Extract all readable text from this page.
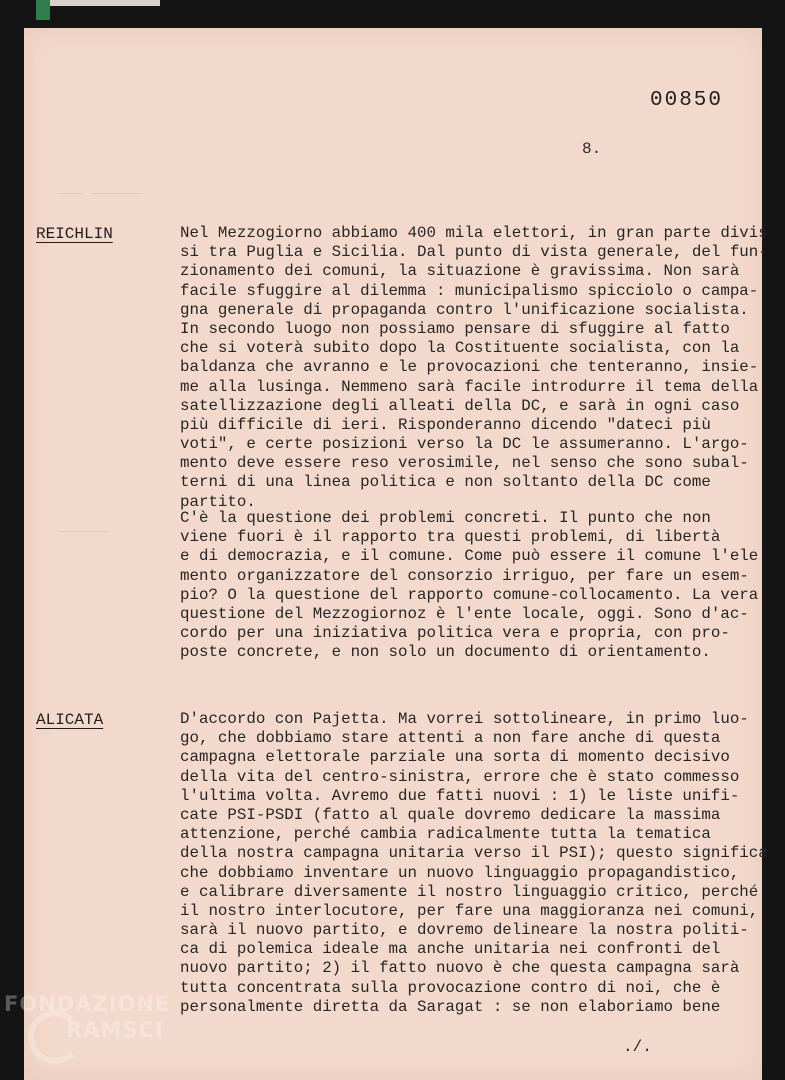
——— ——————
——————
00850
8.
REICHLIN	Nel Mezzogiorno abbiamo 400 mila elettori, in gran parte divis
si tra Puglia e Sicilia. Dal punto di vista generale, del fun-
zionamento dei comuni, la situazione è gravissima. Non sarà
facile sfuggire al dilemma : municipalismo spicciolo o campa-
gna generale di propaganda contro l'unificazione socialista.
In secondo luogo non possiamo pensare di sfuggire al fatto
che si voterà subito dopo la Costituente socialista, con la
baldanza che avranno e le provocazioni che tenteranno, insie-
me alla lusinga. Nemmeno sarà facile introdurre il tema della
satellizzazione degli alleati della DC, e sarà in ogni caso
più difficile di ieri. Risponderanno dicendo "dateci più
voti", e certe posizioni verso la DC le assumeranno. L'argo-
mento deve essere reso verosimile, nel senso che sono subal-
terni di una linea politica e non soltanto della DC come
partito.
C'è la questione dei problemi concreti. Il punto che non
viene fuori è il rapporto tra questi problemi, di libertà
e di democrazia, e il comune. Come può essere il comune l'ele
mento organizzatore del consorzio irriguo, per fare un esem-
pio? O la questione del rapporto comune-collocamento. La vera
questione del Mezzogiornoz è l'ente locale, oggi. Sono d'ac-
cordo per una iniziativa politica vera e propria, con pro-
poste concrete, e non solo un documento di orientamento.
ALICATA	D'accordo con Pajetta. Ma vorrei sottolineare, in primo luo-
go, che dobbiamo stare attenti a non fare anche di questa
campagna elettorale parziale una sorta di momento decisivo
della vita del centro-sinistra, errore che è stato commesso
l'ultima volta. Avremo due fatti nuovi : 1) le liste unifi-
cate PSI-PSDI (fatto al quale dovremo dedicare la massima
attenzione, perché cambia radicalmente tutta la tematica
della nostra campagna unitaria verso il PSI); questo significa
che dobbiamo inventare un nuovo linguaggio propagandistico,
e calibrare diversamente il nostro linguaggio critico, perché
il nostro interlocutore, per fare una maggioranza nei comuni,
sarà il nuovo partito, e dovremo delineare la nostra politi-
ca di polemica ideale ma anche unitaria nei confronti del
nuovo partito; 2) il fatto nuovo è che questa campagna sarà
tutta concentrata sulla provocazione contro di noi, che è
personalmente diretta da Saragat : se non elaboriamo bene
./.
FONDAZIONE
RAMSCI
